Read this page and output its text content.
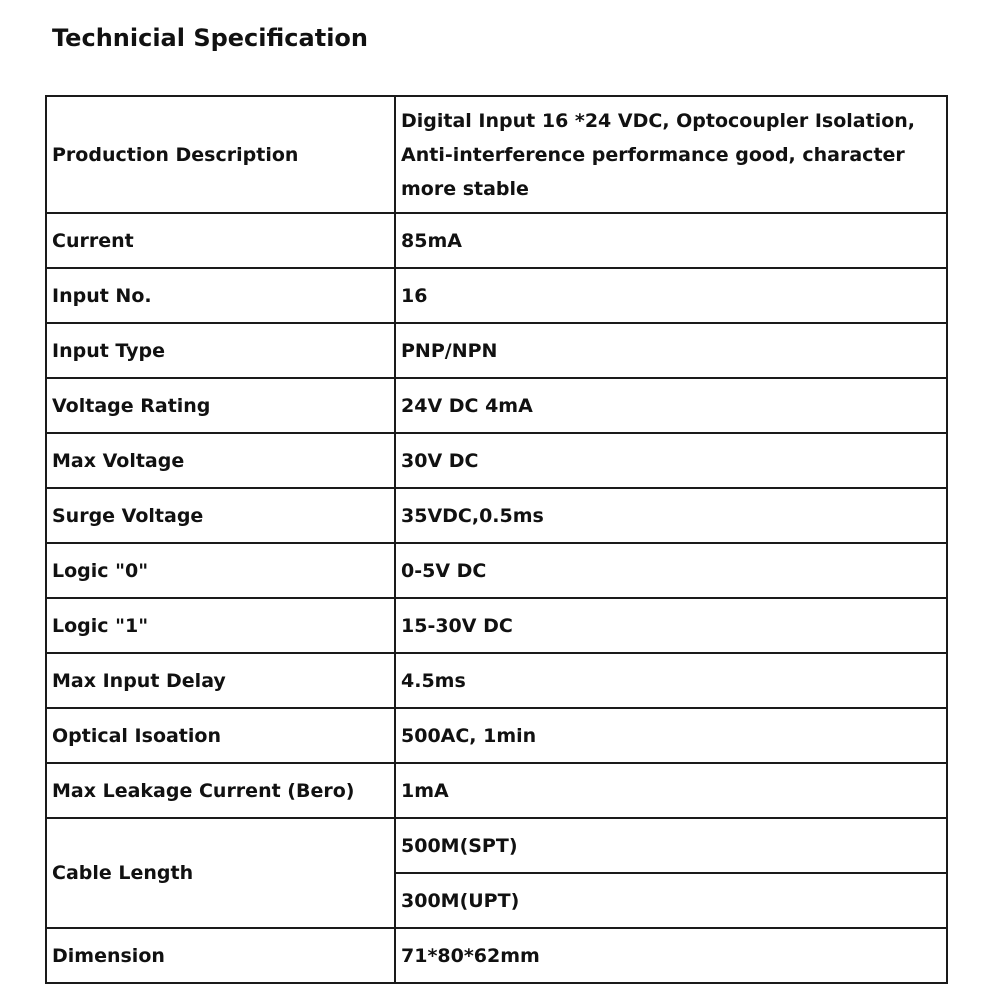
Technicial Specification
Production Description	Digital Input 16 *24 VDC, Optocoupler Isolation, Anti-interference performance good, character more stable
Current	85mA
Input No.	16
Input Type	PNP/NPN
Voltage Rating	24V DC 4mA
Max Voltage	30V DC
Surge Voltage	35VDC,0.5ms
Logic "0"	0-5V DC
Logic "1"	15-30V DC
Max Input Delay	4.5ms
Optical Isoation	500AC, 1min
Max Leakage Current (Bero)	1mA
Cable Length	500M(SPT)
	300M(UPT)
Dimension	71*80*62mm
